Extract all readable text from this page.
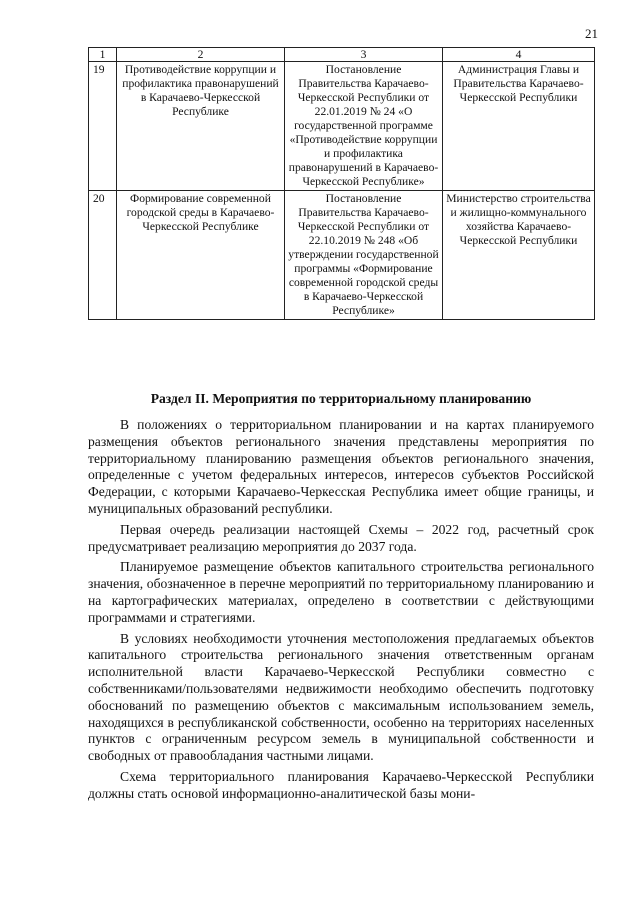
21
1	2	3	4
19	Противодействие коррупции и профилактика правонарушений в Карачаево-Черкесской Республике	Постановление Правительства Карачаево-Черкесской Республики от 22.01.2019 № 24 «О государственной программе «Противодействие коррупции и профилактика правонарушений в Карачаево-Черкесской Республике»	Администрация Главы и Правительства Карачаево-Черкесской Республики
20	Формирование современной городской среды в Карачаево-Черкесской Республике	Постановление Правительства Карачаево-Черкесской Республики от 22.10.2019 № 248 «Об утверждении государственной программы «Формирование современной городской среды в Карачаево-Черкесской Республике»	Министерство строительства и жилищно-коммунального хозяйства Карачаево-Черкесской Республики
Раздел II. Мероприятия по территориальному планированию

В положениях о территориальном планировании и на картах планируемого размещения объектов регионального значения представлены мероприятия по территориальному планированию размещения объектов регионального значения, определенные с учетом федеральных интересов, интересов субъектов Российской Федерации, с которыми Карачаево-Черкесская Республика имеет общие границы, и муниципальных образований республики.

Первая очередь реализации настоящей Схемы – 2022 год, расчетный срок предусматривает реализацию мероприятия до 2037 года.

Планируемое размещение объектов капитального строительства регионального значения, обозначенное в перечне мероприятий по территориальному планированию и на картографических материалах, определено в соответствии с действующими программами и стратегиями.

В условиях необходимости уточнения местоположения предлагаемых объектов капитального строительства регионального значения ответственным органам исполнительной власти Карачаево-Черкесской Республики совместно с собственниками/пользователями недвижимости необходимо обеспечить подготовку обоснований по размещению объектов с максимальным использованием земель, находящихся в республиканской собственности, особенно на территориях населенных пунктов с ограниченным ресурсом земель в муниципальной собственности и свободных от правообладания частными лицами.

Схема территориального планирования Карачаево-Черкесской Республики должны стать основой информационно-аналитической базы мони-
